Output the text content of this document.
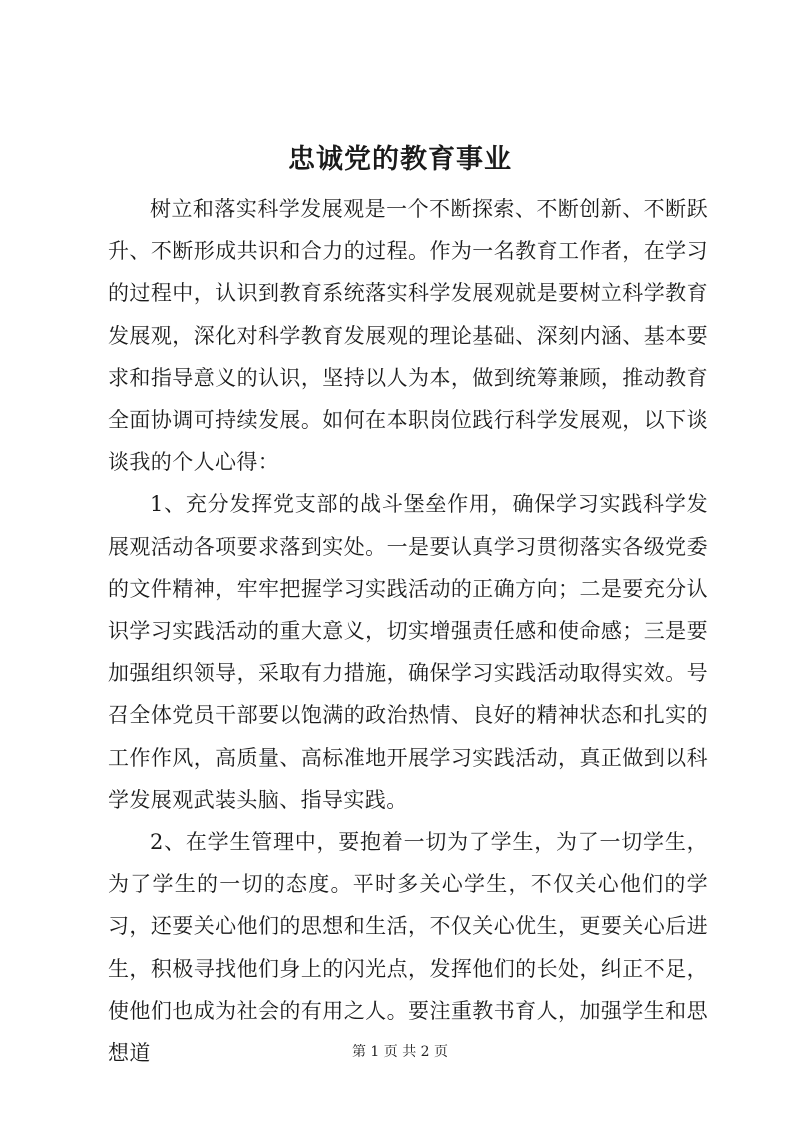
忠诚党的教育事业

树立和落实科学发展观是一个不断探索、不断创新、不断跃升、不断形成共识和合力的过程。作为一名教育工作者，在学习的过程中，认识到教育系统落实科学发展观就是要树立科学教育发展观，深化对科学教育发展观的理论基础、深刻内涵、基本要求和指导意义的认识，坚持以人为本，做到统筹兼顾，推动教育全面协调可持续发展。如何在本职岗位践行科学发展观，以下谈谈我的个人心得：

1、充分发挥党支部的战斗堡垒作用，确保学习实践科学发展观活动各项要求落到实处。一是要认真学习贯彻落实各级党委的文件精神，牢牢把握学习实践活动的正确方向；二是要充分认识学习实践活动的重大意义，切实增强责任感和使命感；三是要加强组织领导，采取有力措施，确保学习实践活动取得实效。号召全体党员干部要以饱满的政治热情、良好的精神状态和扎实的工作作风，高质量、高标准地开展学习实践活动，真正做到以科学发展观武装头脑、指导实践。

2、在学生管理中，要抱着一切为了学生，为了一切学生，为了学生的一切的态度。平时多关心学生，不仅关心他们的学习，还要关心他们的思想和生活，不仅关心优生，更要关心后进生，积极寻找他们身上的闪光点，发挥他们的长处，纠正不足，使他们也成为社会的有用之人。要注重教书育人，加强学生和思想道	第 1 页 共 2 页
